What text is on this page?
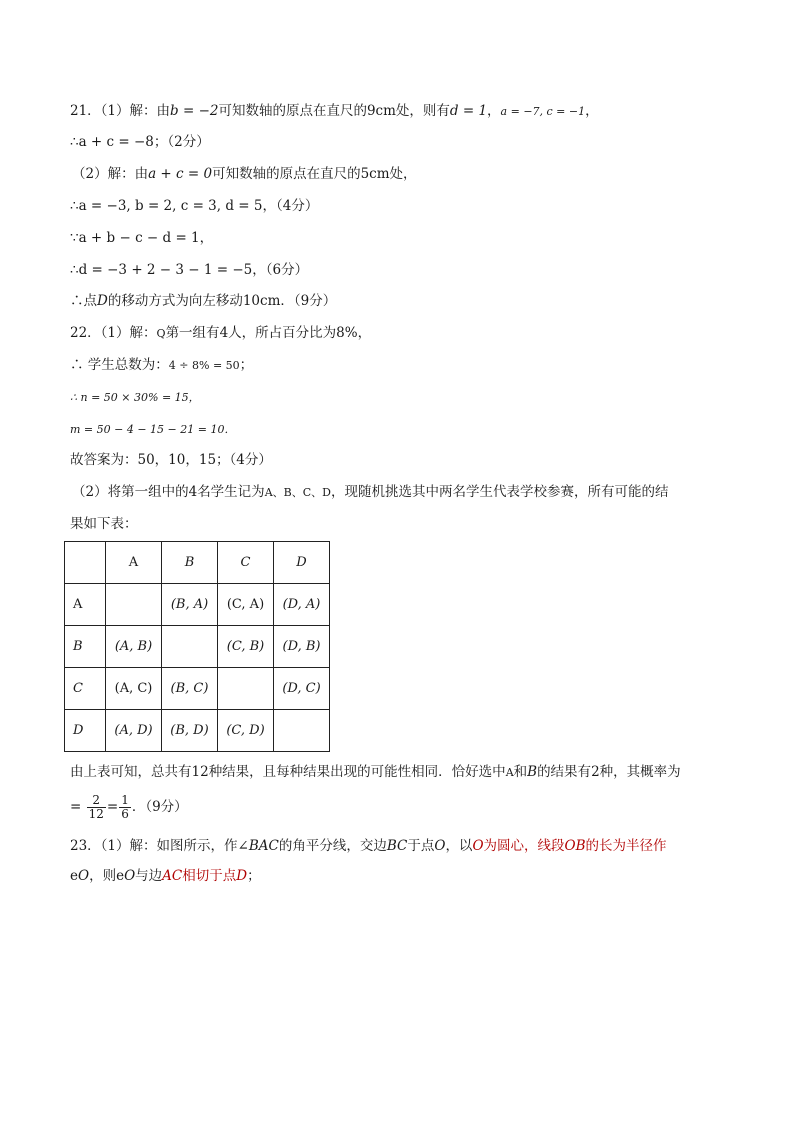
21．（1）解：由b = −2可知数轴的原点在直尺的9cm处，则有d = 1，a = −7, c = −1，
∴a + c = −8；（2分）
（2）解：由a + c = 0可知数轴的原点在直尺的5cm处，
∴a = −3, b = 2, c = 3, d = 5，（4分）
∵a + b − c − d = 1，
∴d = −3 + 2 − 3 − 1 = −5，（6分）
∴点D的移动方式为向左移动10cm．（9分）
22．（1）解：Q第一组有4人，所占百分比为8%，
∴ 学生总数为：4 ÷ 8% = 50；
∴ n = 50 × 30% = 15，
m = 50 − 4 − 15 − 21 = 10．
故答案为：50，10，15；（4分）
（2）将第一组中的4名学生记为A、B、C、D，现随机挑选其中两名学生代表学校参赛，所有可能的结
果如下表：
	A	B	C	D
A		(B, A)	(C, A)	(D, A)
B	(A, B)		(C, B)	(D, B)
C	(A, C)	(B, C)		(D, C)
D	(A, D)	(B, D)	(C, D)	
由上表可知，总共有12种结果，且每种结果出现的可能性相同．恰好选中A和B的结果有2种，其概率为
= $\frac{2}{12} = \frac{1}{6}$ ．（9分）
23．（1）解：如图所示，作∠BAC的角平分线，交边BC于点O，以O为圆心，线段OB的长为半径作
eO，则eO与边AC相切于点D；
